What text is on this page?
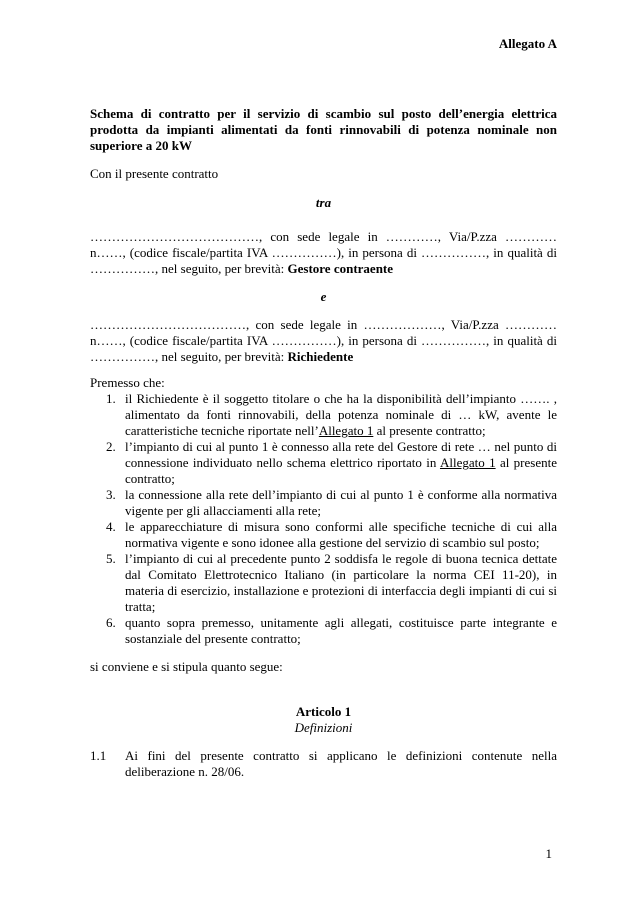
Allegato A

Schema di contratto per il servizio di scambio sul posto dell’energia elettrica prodotta da impianti alimentati da fonti rinnovabili di potenza nominale non superiore a 20 kW

Con il presente contratto

tra

…………………………………, con sede legale in …………, Via/P.zza ………… n……, (codice fiscale/partita IVA ……………), in persona di ……………, in qualità di ……………, nel seguito, per brevità: Gestore contraente

e

………………………………, con sede legale in ………………, Via/P.zza ………… n……, (codice fiscale/partita IVA ……………), in persona di ……………, in qualità di ……………, nel seguito, per brevità: Richiedente

Premesso che:

1. il Richiedente è il soggetto titolare o che ha la disponibilità dell’impianto ……. , alimentato da fonti rinnovabili, della potenza nominale di … kW, avente le caratteristiche tecniche riportate nell’Allegato 1 al presente contratto;
2. l’impianto di cui al punto 1 è connesso alla rete del Gestore di rete … nel punto di connessione individuato nello schema elettrico riportato in Allegato 1 al presente contratto;
3. la connessione alla rete dell’impianto di cui al punto 1 è conforme alla normativa vigente per gli allacciamenti alla rete;
4. le apparecchiature di misura sono conformi alle specifiche tecniche di cui alla normativa vigente e sono idonee alla gestione del servizio di scambio sul posto;
5. l’impianto di cui al precedente punto 2 soddisfa le regole di buona tecnica dettate dal Comitato Elettrotecnico Italiano (in particolare la norma CEI 11-20), in materia di esercizio, installazione e protezioni di interfaccia degli impianti di cui si tratta;
6. quanto sopra premesso, unitamente agli allegati, costituisce parte integrante e sostanziale del presente contratto;

si conviene e si stipula quanto segue:

Articolo 1

Definizioni

1.1 Ai fini del presente contratto si applicano le definizioni contenute nella deliberazione n. 28/06.
1
